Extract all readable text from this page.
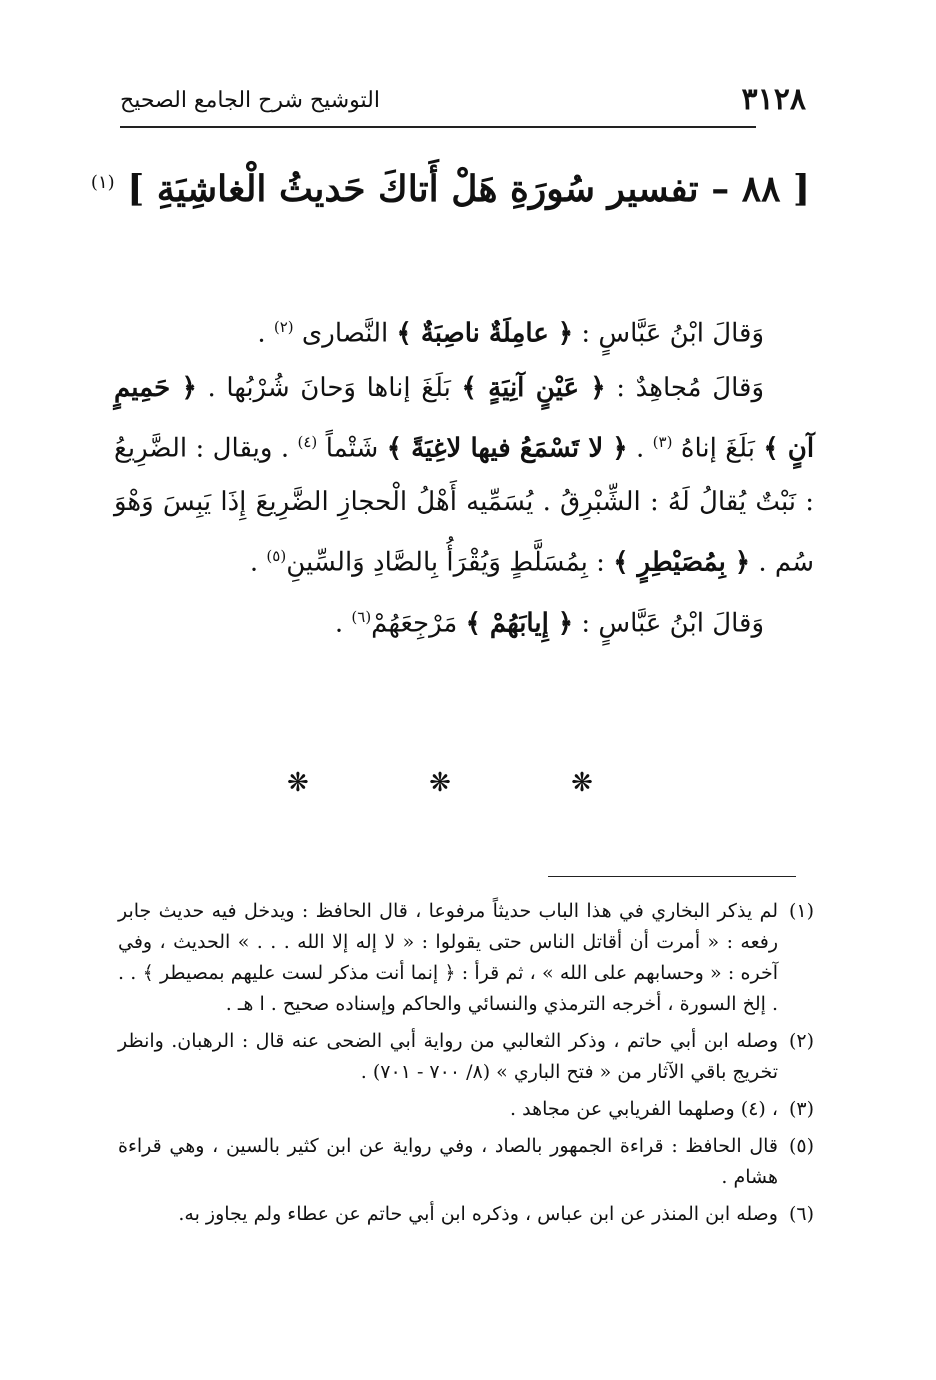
٣١٢٨
التوشيح شرح الجامع الصحيح
[ ٨٨ – تفسير سُورَةِ هَلْ أَتاكَ حَديثُ الْغاشِيَةِ ] $^{(١)}$

وَقالَ ابْنُ عَبَّاسٍ : ﴿ عامِلَةٌ ناصِبَةٌ ﴾ النَّصارى $^{(٢)}$ .

وَقالَ مُجاهِدٌ : ﴿ عَيْنٍ آنِيَةٍ ﴾ بَلَغَ إناها وَحانَ شُرْبُها . ﴿ حَمِيمٍ آنٍ ﴾ بَلَغَ إناهُ $^{(٣)}$ . ﴿ لا تَسْمَعُ فيها لاغِيَةً ﴾ شَتْماً $^{(٤)}$ . ويقال : الضَّرِيعُ : نَبْتٌ يُقالُ لَهُ : الشِّبْرِقُ . يُسَمِّيه أَهْلُ الْحجازِ الضَّرِيعَ إِذَا يَبِسَ وَهْوَ سُم . ﴿ بِمُصَيْطِرٍ ﴾ : بِمُسَلَّطٍ وَيُقْرَأُ بِالصَّادِ وَالسِّينِ$^{(٥)}$ .

وَقالَ ابْنُ عَبَّاسٍ : ﴿ إِيابَهُمْ ﴾ مَرْجِعَهُمْ$^{(٦)}$ .

❋ ❋ ❋

(١)
لم يذكر البخاري في هذا الباب حديثاً مرفوعا ، قال الحافظ : ويدخل فيه حديث جابر رفعه : « أمرت أن أقاتل الناس حتى يقولوا : « لا إله إلا الله . . . » الحديث ، وفي آخره : « وحسابهم على الله » ، ثم قرأ : ﴿ إنما أنت مذكر لست عليهم بمصيطر ﴾ . . . إلخ السورة ، أخرجه الترمذي والنسائي والحاكم وإسناده صحيح . ا هـ .

(٢)
وصله ابن أبي حاتم ، وذكر الثعالبي من رواية أبي الضحى عنه قال : الرهبان. وانظر تخريج باقي الآثار من « فتح الباري » (٨/ ٧٠٠ - ٧٠١) .

(٣)
، (٤) وصلهما الفريابي عن مجاهد .

(٥)
قال الحافظ : قراءة الجمهور بالصاد ، وفي رواية عن ابن كثير بالسين ، وهي قراءة هشام .

(٦)
وصله ابن المنذر عن ابن عباس ، وذكره ابن أبي حاتم عن عطاء ولم يجاوز به.
